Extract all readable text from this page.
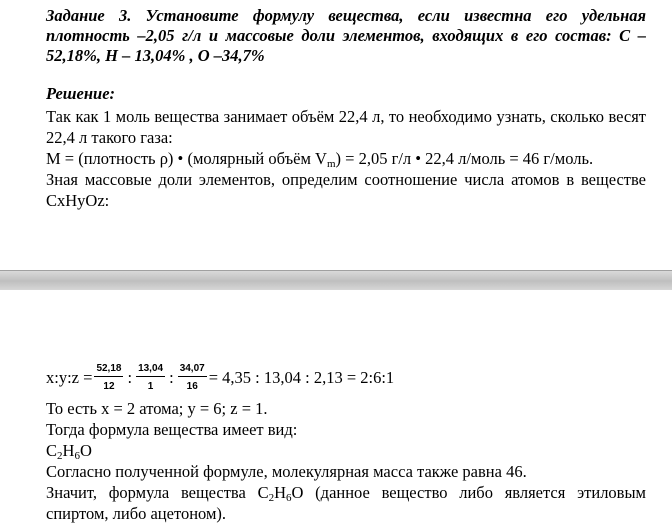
Задание 3. Установите формулу вещества, если известна его удельная плотность –2,05 г/л и массовые доли элементов, входящих в его состав: С – 52,18%, Н – 13,04% , О –34,7%
Решение:
Так как 1 моль вещества занимает объём 22,4 л, то необходимо узнать, сколько весят 22,4 л такого газа:
M = (плотность ρ) • (молярный объём $V_m) = 2,05$ г/л • 22,4 л/моль = 46 г/моль.
Зная массовые доли элементов, определим соотношение числа атомов в веществе CxHyOz:
x:y:z = $\frac{52,18}{12}$ : $\frac{13,04}{1}$ : $\frac{34,07}{16} = 4,35$ : 13,04 : 2,13 = 2:6:1
То есть x = 2 атома; y = 6; z = 1.
Тогда формула вещества имеет вид:
$C_2H_6O$
Согласно полученной формуле, молекулярная масса также равна 46.
Значит, формула вещества $C_2H_6O$ (данное вещество либо является этиловым спиртом, либо ацетоном).
